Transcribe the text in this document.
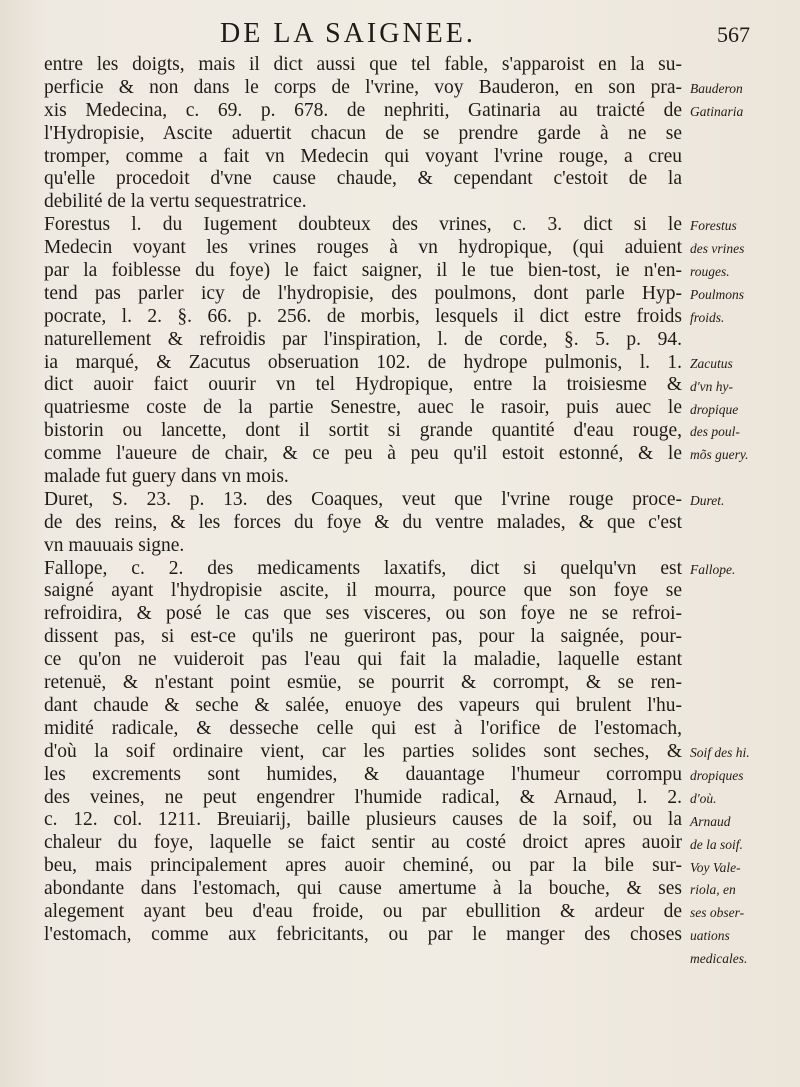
DE LA SAIGNEE.	567
entre les doigts, mais il dict aussi que tel fable, s'apparoist en la su-
perficie & non dans le corps de l'vrine, voy Bauderon, en son pra-
xis Medecina, c. 69. p. 678. de nephriti, Gatinaria au traicté de
l'Hydropisie, Ascite aduertit chacun de se prendre garde à ne se
tromper, comme a fait vn Medecin qui voyant l'vrine rouge, a creu
qu'elle procedoit d'vne cause chaude, & cependant c'estoit de la
debilité de la vertu sequestratrice.
Forestus l. du Iugement doubteux des vrines, c. 3. dict si le
Medecin voyant les vrines rouges à vn hydropique, (qui aduient
par la foiblesse du foye) le faict saigner, il le tue bien-tost, ie n'en-
tend pas parler icy de l'hydropisie, des poulmons, dont parle Hyp-
pocrate, l. 2. §. 66. p. 256. de morbis, lesquels il dict estre froids
naturellement & refroidis par l'inspiration, l. de corde, §. 5. p. 94.
ia marqué, & Zacutus obseruation 102. de hydrope pulmonis, l. 1.
dict auoir faict ouurir vn tel Hydropique, entre la troisiesme &
quatriesme coste de la partie Senestre, auec le rasoir, puis auec le
bistorin ou lancette, dont il sortit si grande quantité d'eau rouge,
comme l'aueure de chair, & ce peu à peu qu'il estoit estonné, & le
malade fut guery dans vn mois.
Duret, S. 23. p. 13. des Coaques, veut que l'vrine rouge proce-
de des reins, & les forces du foye & du ventre malades, & que c'est
vn mauuais signe.
Fallope, c. 2. des medicaments laxatifs, dict si quelqu'vn est
saigné ayant l'hydropisie ascite, il mourra, pource que son foye se
refroidira, & posé le cas que ses visceres, ou son foye ne se refroi-
dissent pas, si est-ce qu'ils ne gueriront pas, pour la saignée, pour-
ce qu'on ne vuideroit pas l'eau qui fait la maladie, laquelle estant
retenuë, & n'estant point esmüe, se pourrit & corrompt, & se ren-
dant chaude & seche & salée, enuoye des vapeurs qui brulent l'hu-
midité radicale, & desseche celle qui est à l'orifice de l'estomach,
d'où la soif ordinaire vient, car les parties solides sont seches, &
les excrements sont humides, & dauantage l'humeur corrompu
des veines, ne peut engendrer l'humide radical, & Arnaud, l. 2.
c. 12. col. 1211. Breuiarij, baille plusieurs causes de la soif, ou la
chaleur du foye, laquelle se faict sentir au costé droict apres auoir
beu, mais principalement apres auoir cheminé, ou par la bile sur-
abondante dans l'estomach, qui cause amertume à la bouche, & ses
alegement ayant beu d'eau froide, ou par ebullition & ardeur de
l'estomach, comme aux febricitants, ou par le manger des choses
Bauderon
Gatinaria
Forestus
des vrines
rouges.
Poulmons
froids.
Zacutus
d'vn hy-
dropique
des poul-
mõs guery.
Duret.
Fallope.
Soif des hi.
dropiques
d'où.
Arnaud
de la soif.
Voy Vale-
riola, en
ses obser-
uations
medicales.
